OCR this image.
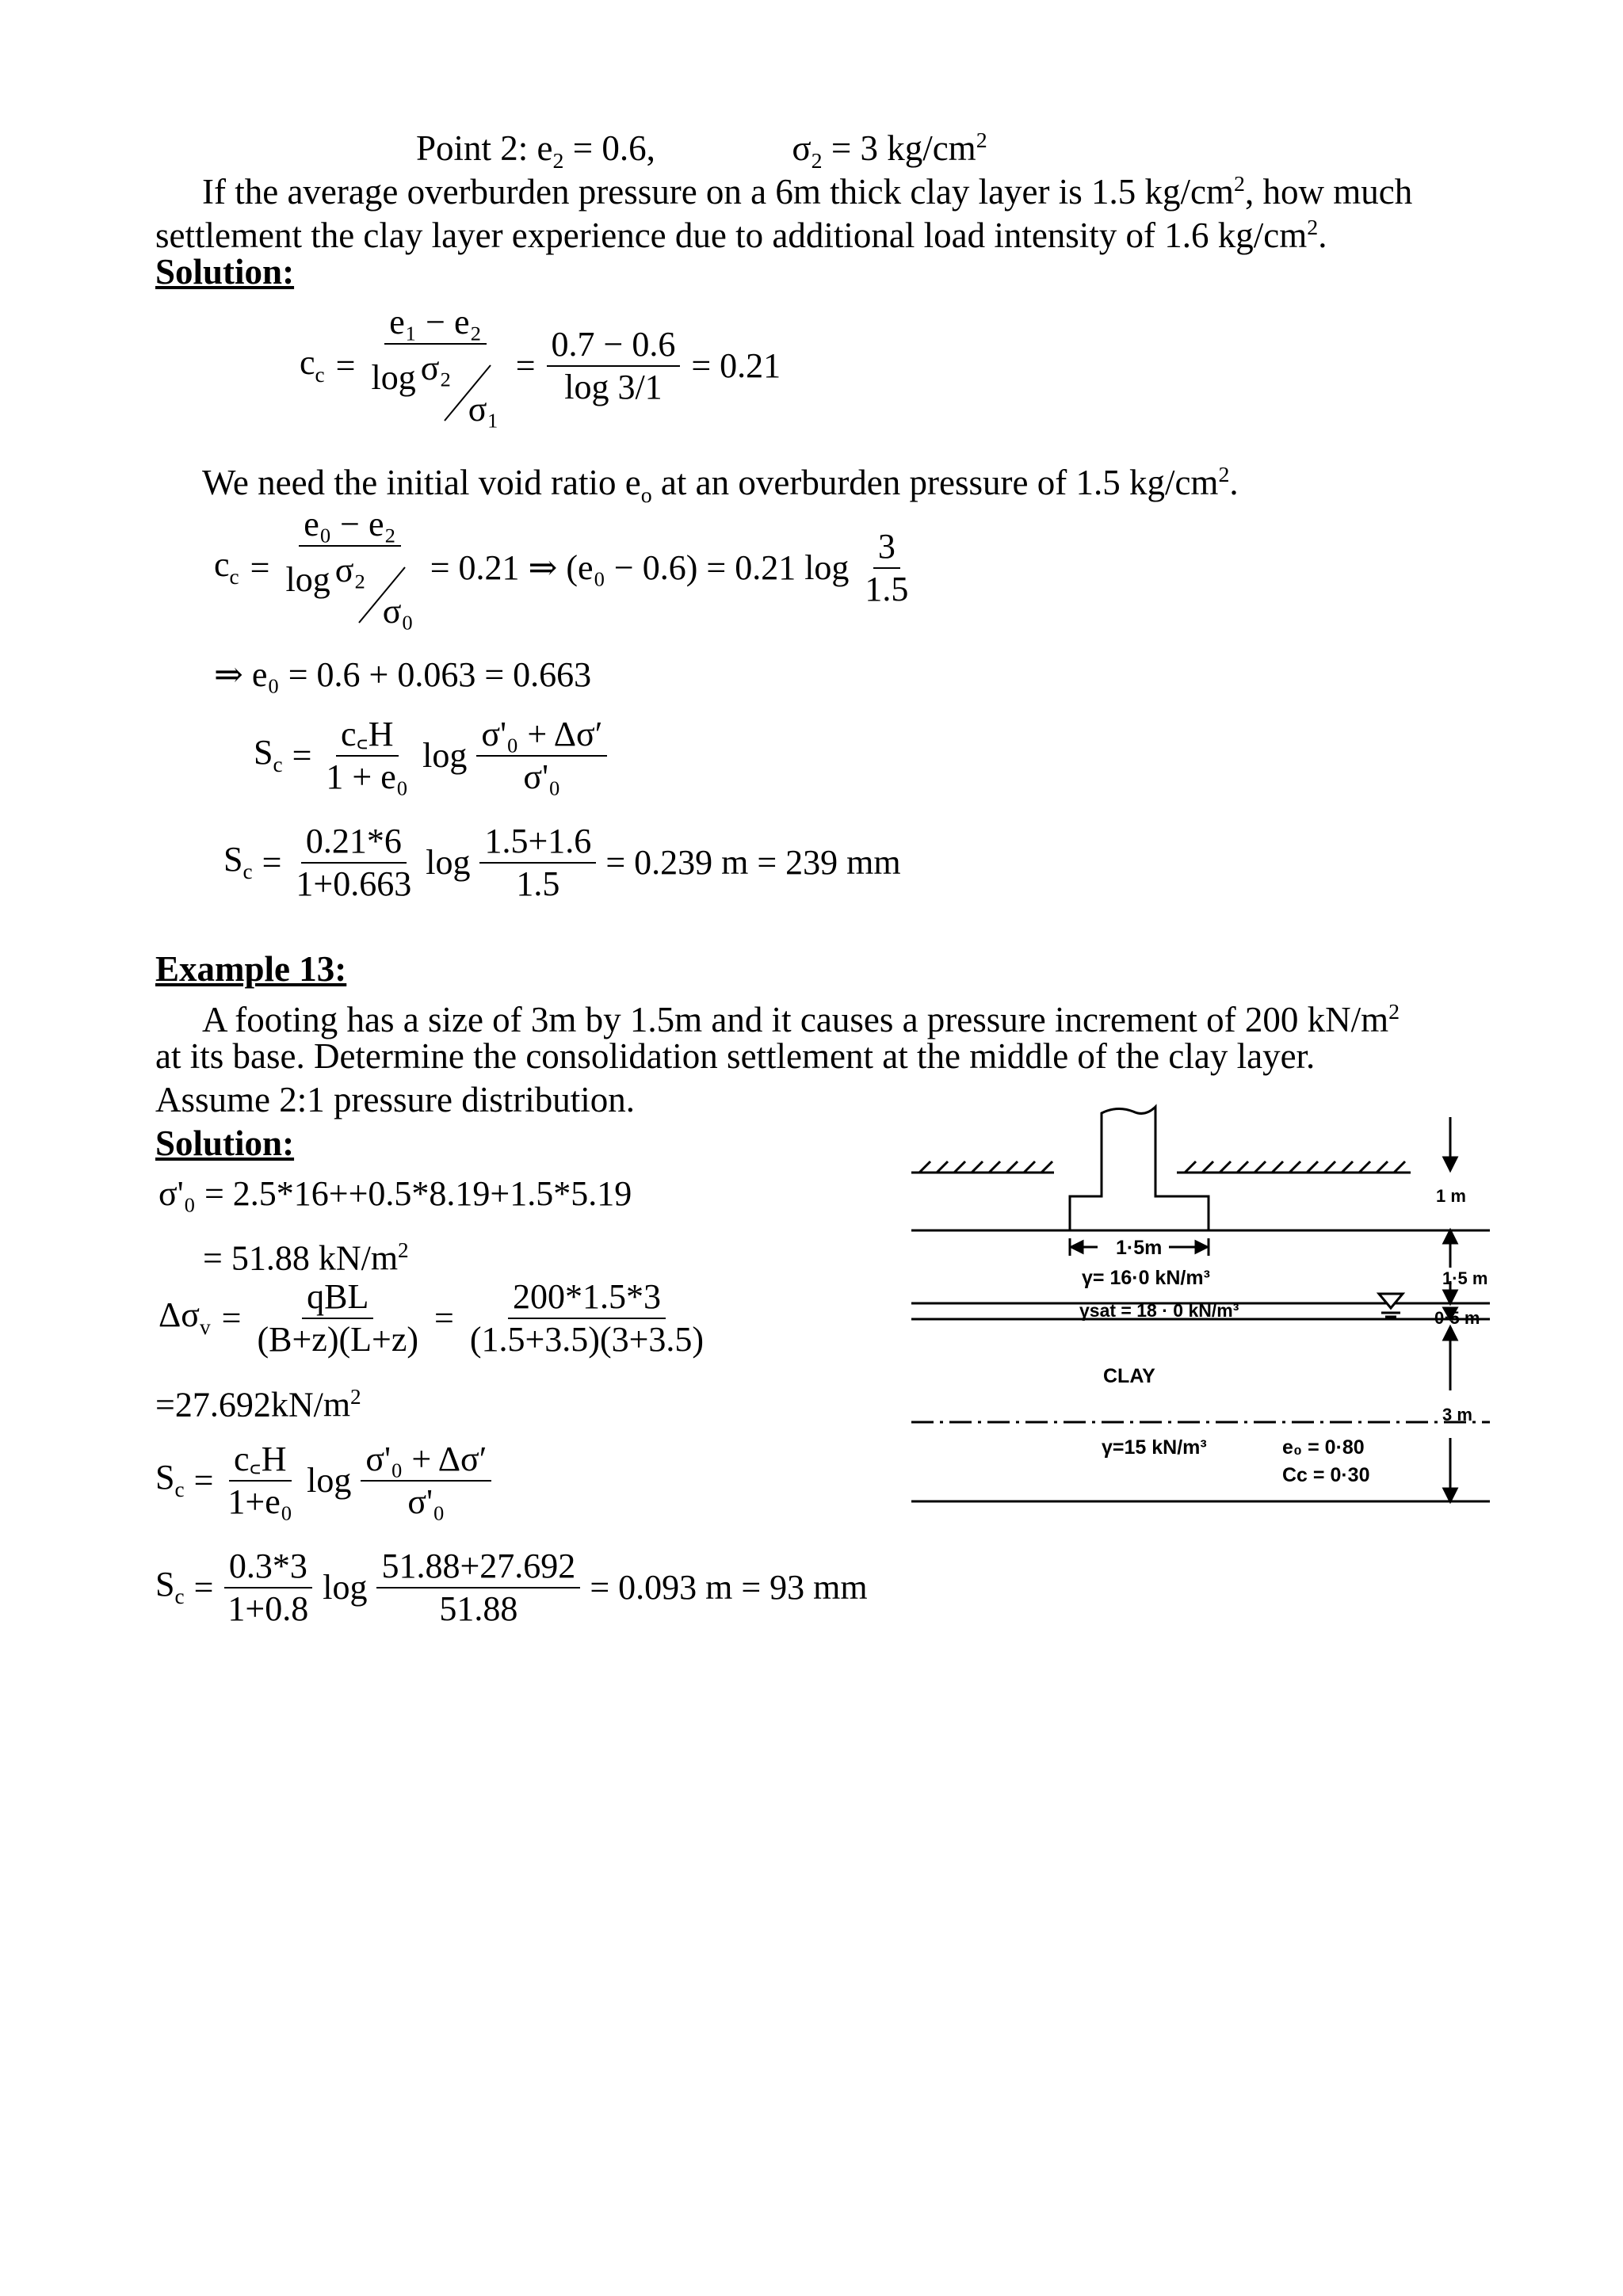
Point 2: $e_2 = 0.6$,	$\sigma_2 = 3$ $kg/cm^2$
If the average overburden pressure on a 6m thick clay layer is 1.5 $kg/cm^2$, how much
settlement the clay layer experience due to additional load intensity of 1.6 $kg/cm^2$.
Solution:
$c_c = e_1 - e_2$
log σ₂
$\sigma_1 = \frac{0.7 - 0.6}{\log 3/1} = 0.21$
We need the initial void ratio $e_o$ at an overburden pressure of 1.5 $kg/cm^2$.
$c_c = e_0 - e_2$
log σ₂
σ₀ = 0.21 ⇒ (e₀ − 0.6) = 0.21 $\log \frac{3}{1.5}$
⇒ e₀ = 0.6 + 0.063 = 0.663
$S_c = \frac{c꜀H}{\text{1 + e₀}}$ $\log \frac{\text{σ'₀ + Δσ′}}{\text{σ'₀}}$
$S_c = \frac{0.21*6}{1+0.663}$ $\log \frac{1.5+1.6}{1.5} = 0.239$ m = 239 mm
Example 13:
A footing has a size of 3m by 1.5m and it causes a pressure increment of 200 $kN/m^2$
at its base. Determine the consolidation settlement at the middle of the clay layer.
Assume 2:1 pressure distribution.
Solution:
σ'₀ = 2.5*16++0.5*8.19+1.5*5.19
= 51.88 $kN/m^2$
$\Delta\sigma_v = \frac{\text{qBL}}{(B+z)(L+z)} = \frac{200*1.5*3}{(1.5+3.5)(3+3.5)}$
$=27.692kN/m^2$
$S_c = \frac{c꜀H}{\text{1+e₀}}$ $\log \frac{\text{σ'₀ + Δσ′}}{\text{σ'₀}}$
$S_c = \frac{0.3*3}{1+0.8}$ $\log \frac{51.88+27.692}{51.88} = 0.093$ m = 93 mm
1·5m
γ= 16·0 kN/m³
γsat = 18 · 0 kN/m³
CLAY
γ=15 kN/m³	e₀ = 0·80
Cc = 0·30
1 m
1·5 m
0·5 m
3 m
